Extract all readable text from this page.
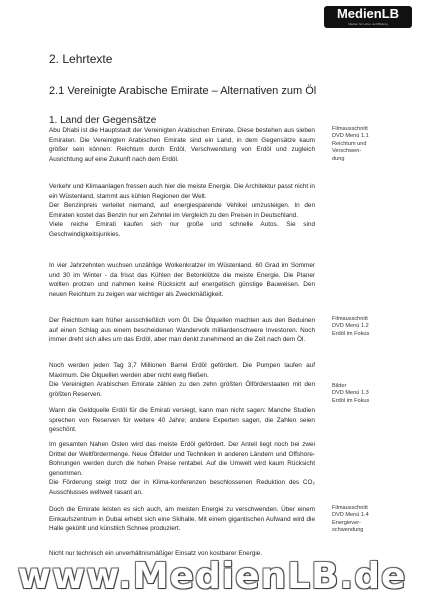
MedienLB
Medien für Lehre und Bildung
2. Lehrtexte
2.1 Vereinigte Arabische Emirate – Alternativen zum Öl
1. Land der Gegensätze

Abu Dhabi ist die Hauptstadt der Vereinigten Arabischen Emirate. Diese bestehen aus sieben Emiraten. Die Vereinigten Arabischen Emirate sind ein Land, in dem Gegensätze kaum größer sein können: Reichtum durch Erdöl, Verschwendung von Erdöl und zugleich Ausrichtung auf eine Zukunft nach dem Erdöl.

Verkehr und Klimaanlagen fressen auch hier die meiste Energie. Die Architektur passt nicht in ein Wüstenland, stammt aus kühlen Regionen der Welt.
Der Benzinpreis verleitet niemand, auf energiesparende Vehikel umzusteigen. In den Emiraten kostet das Benzin nur ein Zehntel im Vergleich zu den Preisen in Deutschland.
Viele reiche Emirati kaufen sich nur große und schnelle Autos. Sie sind Geschwindigkeitsjunkies.

In vier Jahrzehnten wuchsen unzählige Wolkenkratzer im Wüstenland. 60 Grad im Sommer und 30 im Winter - da frisst das Kühlen der Betonklötze die meiste Energie. Die Planer wollten protzen und nahmen keine Rücksicht auf energetisch günstige Bauweisen. Den neuen Reichtum zu zeigen war wichtiger als Zweckmäßigkeit.

Der Reichtum kam früher ausschließlich vom Öl. Die Ölquellen machten aus den Beduinen auf einen Schlag aus einem bescheidenen Wandervolk milliardenschwere Investoren. Noch immer dreht sich alles um das Erdöl, aber man denkt zunehmend an die Zeit nach dem Öl.

Noch werden jeden Tag 3,7 Millionen Barrel Erdöl gefördert. Die Pumpen laufen auf Maximum. Die Ölquellen werden aber nicht ewig fließen.
Die Vereinigten Arabischen Emirate zählen zu den zehn größten Ölförderstaaten mit den größten Reserven.

Wann die Geldquelle Erdöl für die Emirati versiegt, kann man nicht sagen: Manche Studien sprechen von Reserven für weitere 40 Jahre; andere Experten sagen, die Zahlen seien geschönt.

Im gesamten Nahen Osten wird das meiste Erdöl gefördert. Der Anteil liegt noch bei zwei Drittel der Weltfördermenge. Neue Ölfelder und Techniken in anderen Ländern und Offshore-Bohrungen werden durch die hohen Preise rentabel. Auf die Umwelt wird kaum Rücksicht genommen.
Die Förderung steigt trotz der in Klima-konferenzen beschlossenen Reduktion des CO₂ Ausschlusses weltweit rasant an.

Doch die Emirate leisten es sich auch, am meisten Energie zu verschwenden. Über einem Einkaufszentrum in Dubai erhebt sich eine Skihalle. Mit einem gigantischen Aufwand wird die Halle gekühlt und künstlich Schnee produziert.

Nicht nur technisch ein unverhältnismäßiger Einsatz von kostbarer Energie.

Filmausschnitt
DVD Menü 1.1
Reichtum und
Verschwen-
dung
Filmausschnitt
DVD Menü 1.2
Erdöl im Fokus
Bilder
DVD Menü 1.3
Erdöl im Fokus
Filmausschnitt
DVD Menü 1.4
Energiever-
schwendung
www.MedienLB.de
